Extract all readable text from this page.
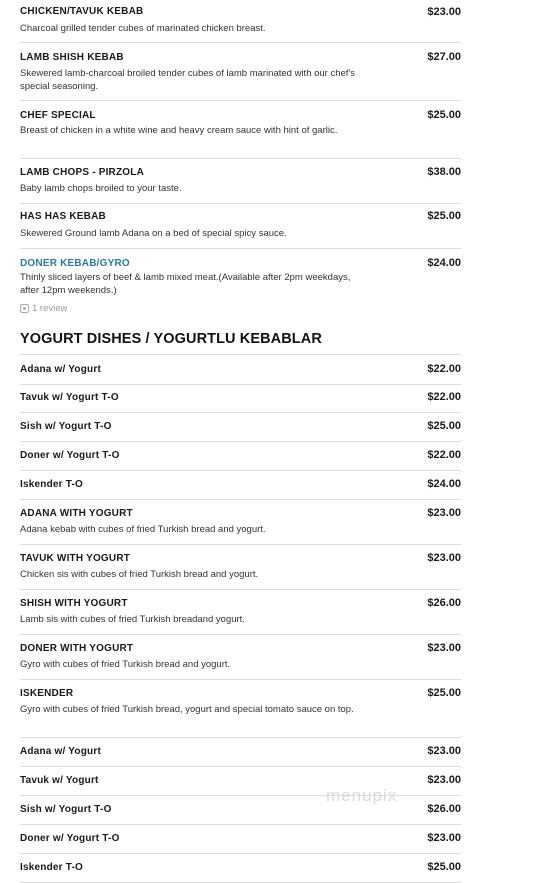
CHICKEN/TAVUK KEBAB	$23.00
Charcoal grilled tender cubes of marinated chicken breast.
LAMB SHISH KEBAB	$27.00
Skewered lamb-charcoal broiled tender cubes of lamb marinated with our chef's special seasoning.
CHEF SPECIAL	$25.00
Breast of chicken in a white wine and heavy cream sauce with hint of garlic.
LAMB CHOPS - PIRZOLA	$38.00
Baby lamb chops broiled to your taste.
HAS HAS KEBAB	$25.00
Skewered Ground lamb Adana on a bed of special spicy sauce.
DONER KEBAB/GYRO	$24.00
Thinly sliced layers of beef & lamb mixed meat.(Available after 2pm weekdays, after 12pm weekends.)
1 review
YOGURT DISHES / YOGURTLU KEBABLAR
Adana w/ Yogurt	$22.00
Tavuk w/ Yogurt T-O	$22.00
Sish w/ Yogurt T-O	$25.00
Doner w/ Yogurt T-O	$22.00
Iskender T-O	$24.00
ADANA WITH YOGURT	$23.00
Adana kebab with cubes of fried Turkish bread and yogurt.
TAVUK WITH YOGURT	$23.00
Chicken sis with cubes of fried Turkish bread and yogurt.
SHISH WITH YOGURT	$26.00
Lamb sis with cubes of fried Turkish breadand yogurt.
DONER WITH YOGURT	$23.00
Gyro with cubes of fried Turkish bread and yogurt.
ISKENDER	$25.00
Gyro with cubes of fried Turkish bread, yogurt and special tomato sauce on top.
Adana w/ Yogurt	$23.00
Tavuk w/ Yogurt	$23.00
Sish w/ Yogurt T-O	$26.00
Doner w/ Yogurt T-O	$23.00
Iskender T-O	$25.00
menupix
